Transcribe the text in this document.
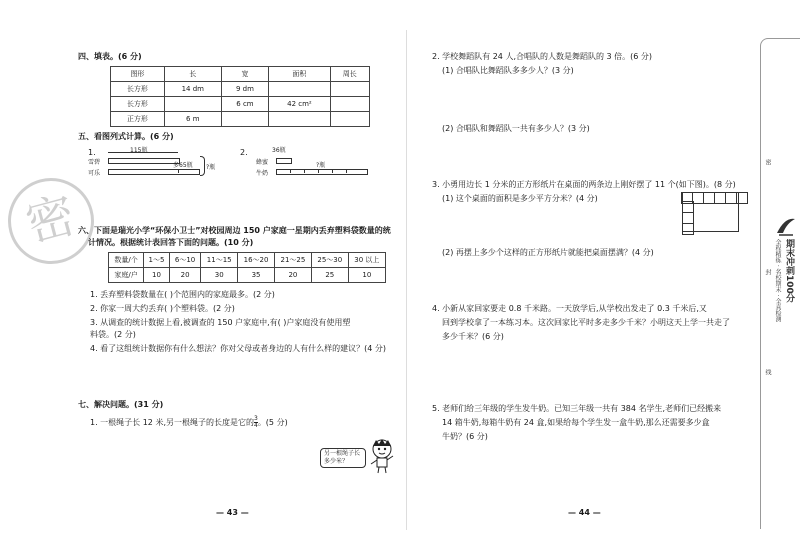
密
四、填表。(6 分)
图形	长	宽	面积	周长
长方形	14 dm	9 dm		
长方形		6 cm	42 cm²	
正方形	6 m			
五、看图列式计算。(6 分)
1.
雪碧
可乐
115瓶
多65瓶 ?瓶
2.
蜂蜜
牛奶
36瓶
?瓶
六、下面是瑞光小学“环保小卫士”对校园周边 150 户家庭一星期内丢弃塑料袋数量的统
计情况。根据统计表回答下面的问题。(10 分)
数量/个	1～5	6～10	11～15	16～20	21～25	25～30	30 以上
家庭/户	10	20	30	35	20	25	10
1. 丢弃塑料袋数量在( )个范围内的家庭最多。(2 分)
2. 你家一周大约丢弃( )个塑料袋。(2 分)
3. 从调查的统计数据上看,被调查的 150 户家庭中,有( )户家庭没有使用塑
料袋。(2 分)
4. 看了这组统计数据你有什么想法？你对父母或者身边的人有什么样的建议？(4 分)
七、解决问题。(31 分)
1. 一根绳子长 12 米,另一根绳子的长度是它的 $\frac{3}{4}$ 。(5 分)
另一根绳子长多少米？
— 43 —
2. 学校舞蹈队有 24 人,合唱队的人数是舞蹈队的 3 倍。(6 分)
(1) 合唱队比舞蹈队多多少人？(3 分)
(2) 合唱队和舞蹈队一共有多少人？(3 分)
3. 小勇用边长 1 分米的正方形纸片在桌面的两条边上刚好摆了 11 个(如下图)。(8 分)
(1) 这个桌面的面积是多少平方分米？(4 分)
(2) 再摆上多少个这样的正方形纸片就能把桌面摆满？(4 分)
4. 小新从家回家要走 0.8 千米路。一天放学后,从学校出发走了 0.3 千米后,又
回到学校拿了一本练习本。这次回家比平时多走多少千米？小明这天上学一共走了
多少千米？(6 分)
5. 老师们给三年级的学生发牛奶。已知三年级一共有 384 名学生,老师们已经搬来
14 箱牛奶,每箱牛奶有 24 盒,如果给每个学生发一盒牛奶,那么还需要多少盒
牛奶？(6 分)
— 44 —
密
封
线
期末冲刺100分
全程精练 · 名校期末 · 全真检测
